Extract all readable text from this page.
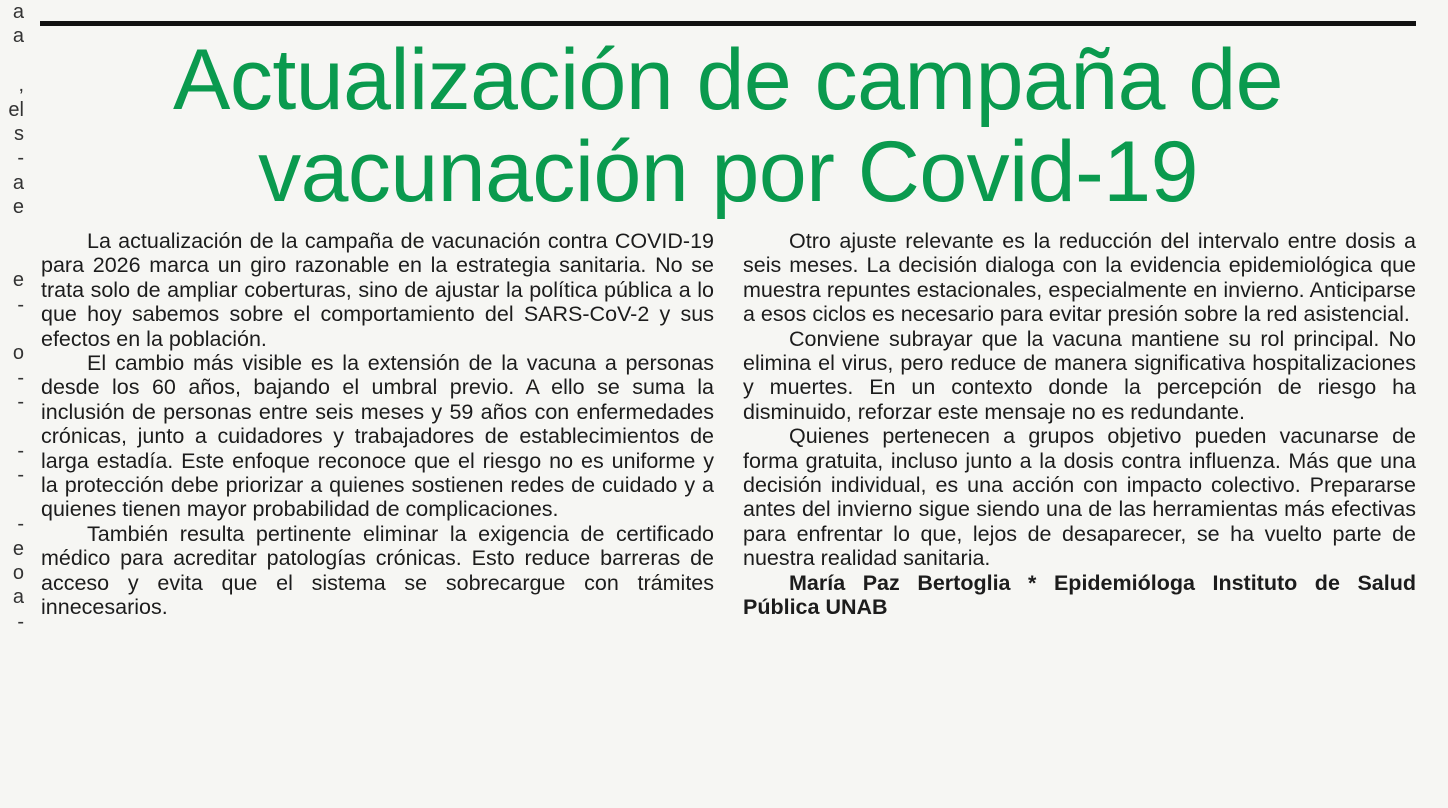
a
a
,
el
s
-
a
e
e
-
o
-
-
-
-
-
e
o
a
-
Actualización de campaña de
vacunación por Covid-19

La actualización de la campaña de vacunación contra COVID-19 para 2026 marca un giro razonable en la estrategia sanitaria. No se trata solo de ampliar coberturas, sino de ajustar la política pública a lo que hoy sabemos sobre el comportamiento del SARS-CoV-2 y sus efectos en la población.

El cambio más visible es la extensión de la vacuna a personas desde los 60 años, bajando el umbral previo. A ello se suma la inclusión de personas entre seis meses y 59 años con enfermedades crónicas, junto a cuidadores y trabajadores de establecimientos de larga estadía. Este enfoque reconoce que el riesgo no es uniforme y la protección debe priorizar a quienes sostienen redes de cuidado y a quienes tienen mayor probabilidad de complicaciones.

También resulta pertinente eliminar la exigencia de certificado médico para acreditar patologías crónicas. Esto reduce barreras de acceso y evita que el sistema se sobrecargue con trámites innecesarios.

Otro ajuste relevante es la reducción del intervalo entre dosis a seis meses. La decisión dialoga con la evidencia epidemiológica que muestra repuntes estacionales, especialmente en invierno. Anticiparse a esos ciclos es necesario para evitar presión sobre la red asistencial.

Conviene subrayar que la vacuna mantiene su rol principal. No elimina el virus, pero reduce de manera significativa hospitalizaciones y muertes. En un contexto donde la percepción de riesgo ha disminuido, reforzar este mensaje no es redundante.

Quienes pertenecen a grupos objetivo pueden vacunarse de forma gratuita, incluso junto a la dosis contra influenza. Más que una decisión individual, es una acción con impacto colectivo. Prepararse antes del invierno sigue siendo una de las herramientas más efectivas para enfrentar lo que, lejos de desaparecer, se ha vuelto parte de nuestra realidad sanitaria.

María Paz Bertoglia * Epidemióloga Instituto de Salud Pública UNAB
